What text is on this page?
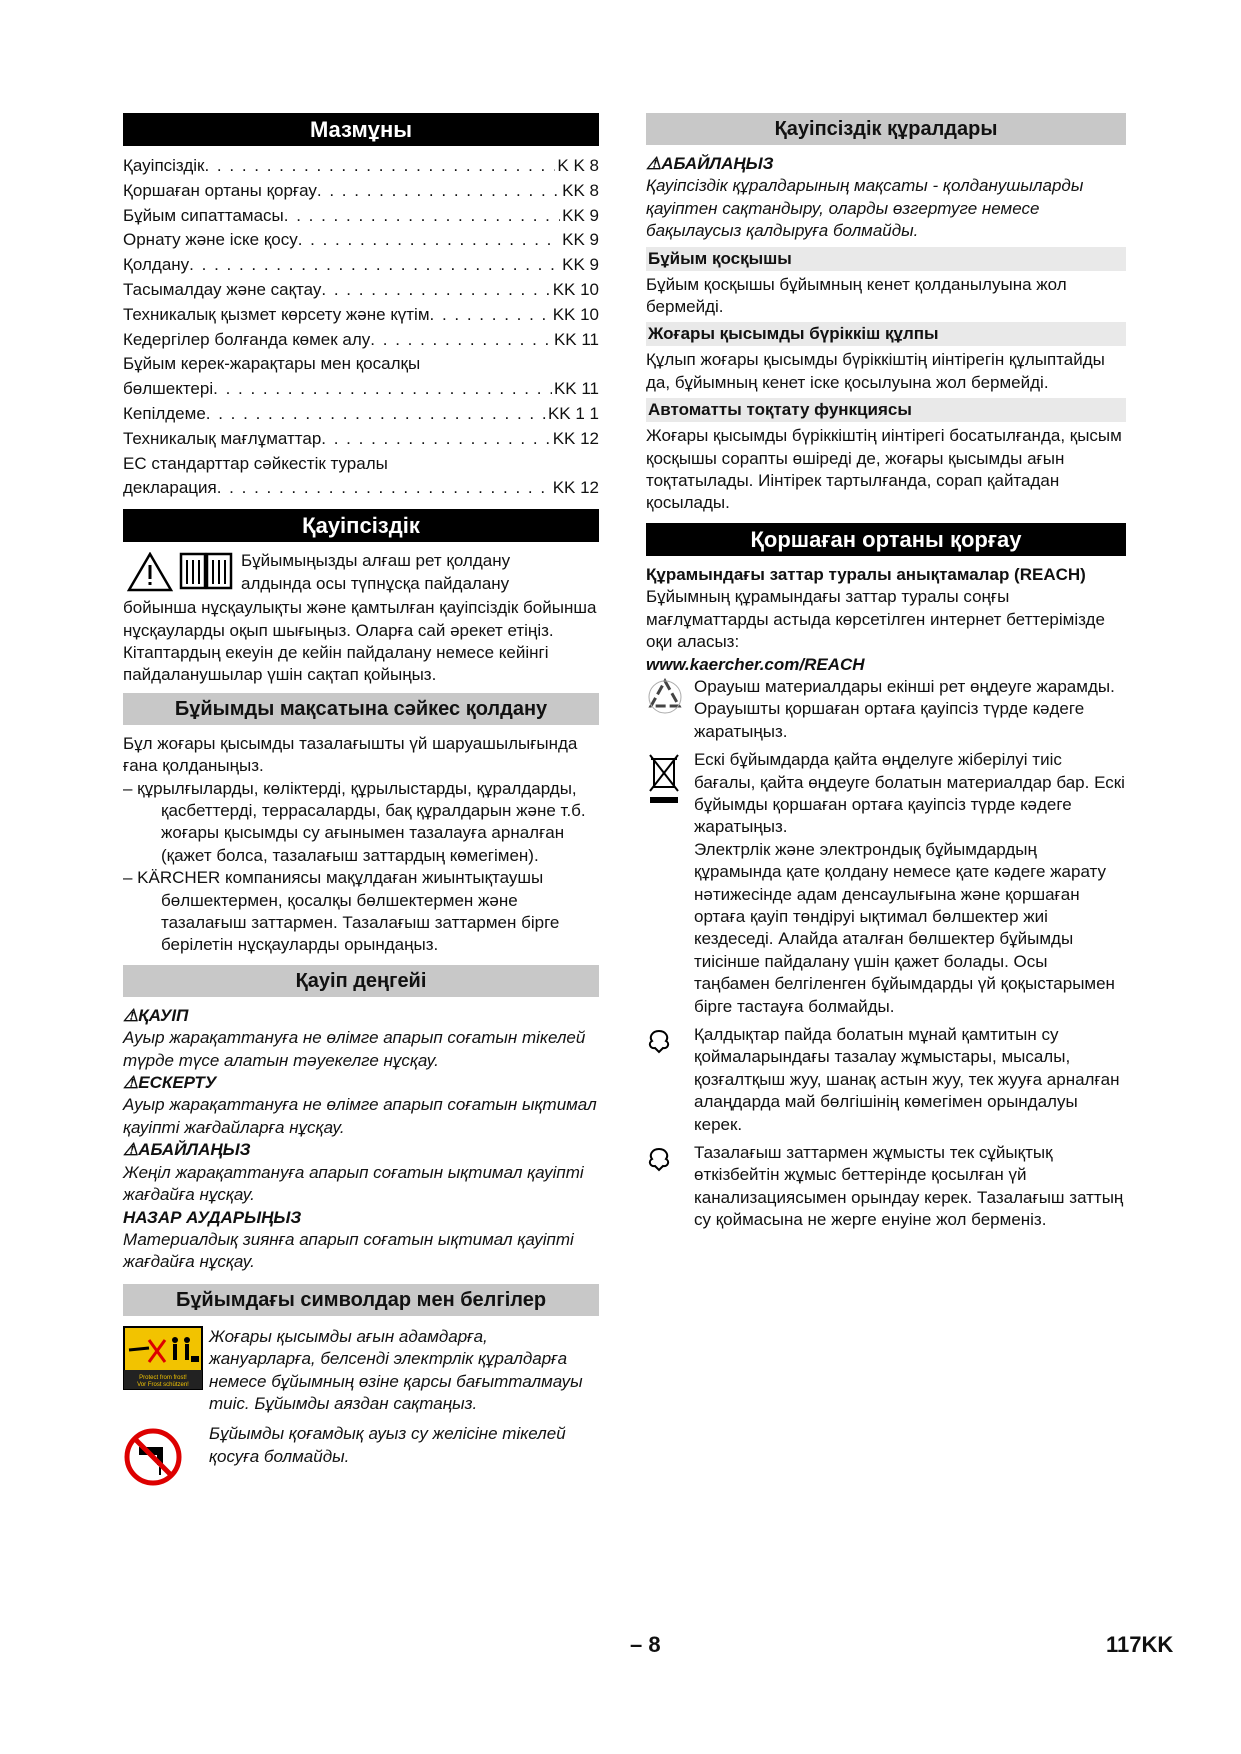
Мазмұны
Қауіпсіздік . . .	K K 8
Қоршаған ортаны қорғау . . .	KK 8
Бұйым сипаттамасы . . .	KK 9
Орнату және іске қосу . . .	KK 9
Қолдану . . .	KK 9
Тасымалдау және сақтау . . .	KK 10
Техникалық қызмет көрсету және күтім . . .	KK 10
Кедергілер болғанда көмек алу . . .	KK 11
Бұйым керек-жарақтары мен қосалқы
бөлшектері . . .	KK 11
Кепілдеме . . .	KK 1 1
Техникалық мағлұматтар . . .	KK 12
ЕС стандарттар сәйкестік туралы
декларация . . .	KK 12
Қауіпсіздік

Бұйымыңызды алғаш рет қолдану

алдында осы түпнұсқа пайдалану

бойынша нұсқаулықты және қамтылған қауіпсіздік бойынша нұсқауларды оқып шығыңыз. Оларға сай әрекет етіңіз. Кітаптардың екеуін де кейін пайдалану немесе кейінгі пайдаланушылар үшін сақтап қойыңыз.

Бұйымды мақсатына сәйкес қолдану

Бұл жоғары қысымды тазалағышты үй шаруашылығында ғана қолданыңыз.

– құрылғыларды, көліктерді, құрылыстарды, құралдарды, қасбеттерді, террасаларды, бақ құралдарын және т.б. жоғары қысымды су ағынымен тазалауға арналған (қажет болса, тазалағыш заттардың көмегімен).

– KÄRCHER компаниясы мақұлдаған жиынтықтаушы бөлшектермен, қосалқы бөлшектермен және тазалағыш заттармен. Тазалағыш заттармен бірге берілетін нұсқауларды орындаңыз.

Қауіп деңгейі
⚠ҚАУІП

Ауыр жарақаттануға не өлімге апарып соғатын тікелей түрде түсе алатын тәуекелге нұсқау.

⚠ЕСКЕРТУ

Ауыр жарақаттануға не өлімге апарып соғатын ықтимал қауіпті жағдайларға нұсқау.

⚠АБАЙЛАҢЫЗ

Жеңіл жарақаттануға апарып соғатын ықтимал қауіпті жағдайға нұсқау.

НАЗАР АУДАРЫҢЫЗ

Материалдық зиянға апарып соғатын ықтимал қауіпті жағдайға нұсқау.

Бұйымдағы символдар мен белгілер
Protect from frost!
Vor Frost schützen!

Жоғары қысымды ағын адамдарға, жануарларға, белсенді электрлік құралдарға немесе бұйымның өзіне қарсы бағытталмауы тиіс. Бұйымды аяздан сақтаңыз.

Бұйымды қоғамдық ауыз су желісіне тікелей қосуға болмайды.

Қауіпсіздік құралдары
⚠АБАЙЛАҢЫЗ

Қауіпсіздік құралдарының мақсаты - қолданушыларды қауіптен сақтандыру, оларды өзгертуге немесе бақылаусыз қалдыруға болмайды.

Бұйым қосқышы

Бұйым қосқышы бұйымның кенет қолданылуына жол бермейді.

Жоғары қысымды бүріккіш құлпы

Құлып жоғары қысымды бүріккіштің иінтірегін құлыптайды да, бұйымның кенет іске қосылуына жол бермейді.

Автоматты тоқтату функциясы

Жоғары қысымды бүріккіштің иінтірегі босатылғанда, қысым қосқышы сорапты өшіреді де, жоғары қысымды ағын тоқтатылады. Иінтірек тартылғанда, сорап қайтадан қосылады.

Қоршаған ортаны қорғау
Құрамындағы заттар туралы анықтамалар (REACH)

Бұйымның құрамындағы заттар туралы соңғы мағлұматтарды астыда көрсетілген интернет беттерімізде оқи аласыз:

www.kaercher.com/REACH

Орауыш материалдары екінші рет өңдеуге жарамды. Орауышты қоршаған ортаға қауіпсіз түрде кәдеге жаратыңыз.

Ескі бұйымдарда қайта өңделуге жіберілуі тиіс бағалы, қайта өңдеуге болатын материалдар бар. Ескі бұйымды қоршаған ортаға қауіпсіз түрде кәдеге жаратыңыз.

Электрлік және электрондық бұйымдардың құрамында қате қолдану немесе қате кәдеге жарату нәтижесінде адам денсаулығына және қоршаған ортаға қауіп төндіруі ықтимал бөлшектер жиі кездеседі. Алайда аталған бөлшектер бұйымды тиісінше пайдалану үшін қажет болады. Осы таңбамен белгіленген бұйымдарды үй қоқыстарымен бірге тастауға болмайды.

Қалдықтар пайда болатын мұнай қамтитын су қоймаларындағы тазалау жұмыстары, мысалы, қозғалтқыш жуу, шанақ астын жуу, тек жууға арналған алаңдарда май бөлгішінің көмегімен орындалуы керек.

Тазалағыш заттармен жұмысты тек сұйықтық өткізбейтін жұмыс беттерінде қосылған үй канализациясымен орындау керек. Тазалағыш заттың су қоймасына не жерге енуіне жол берменіз.

– 8	117KK
